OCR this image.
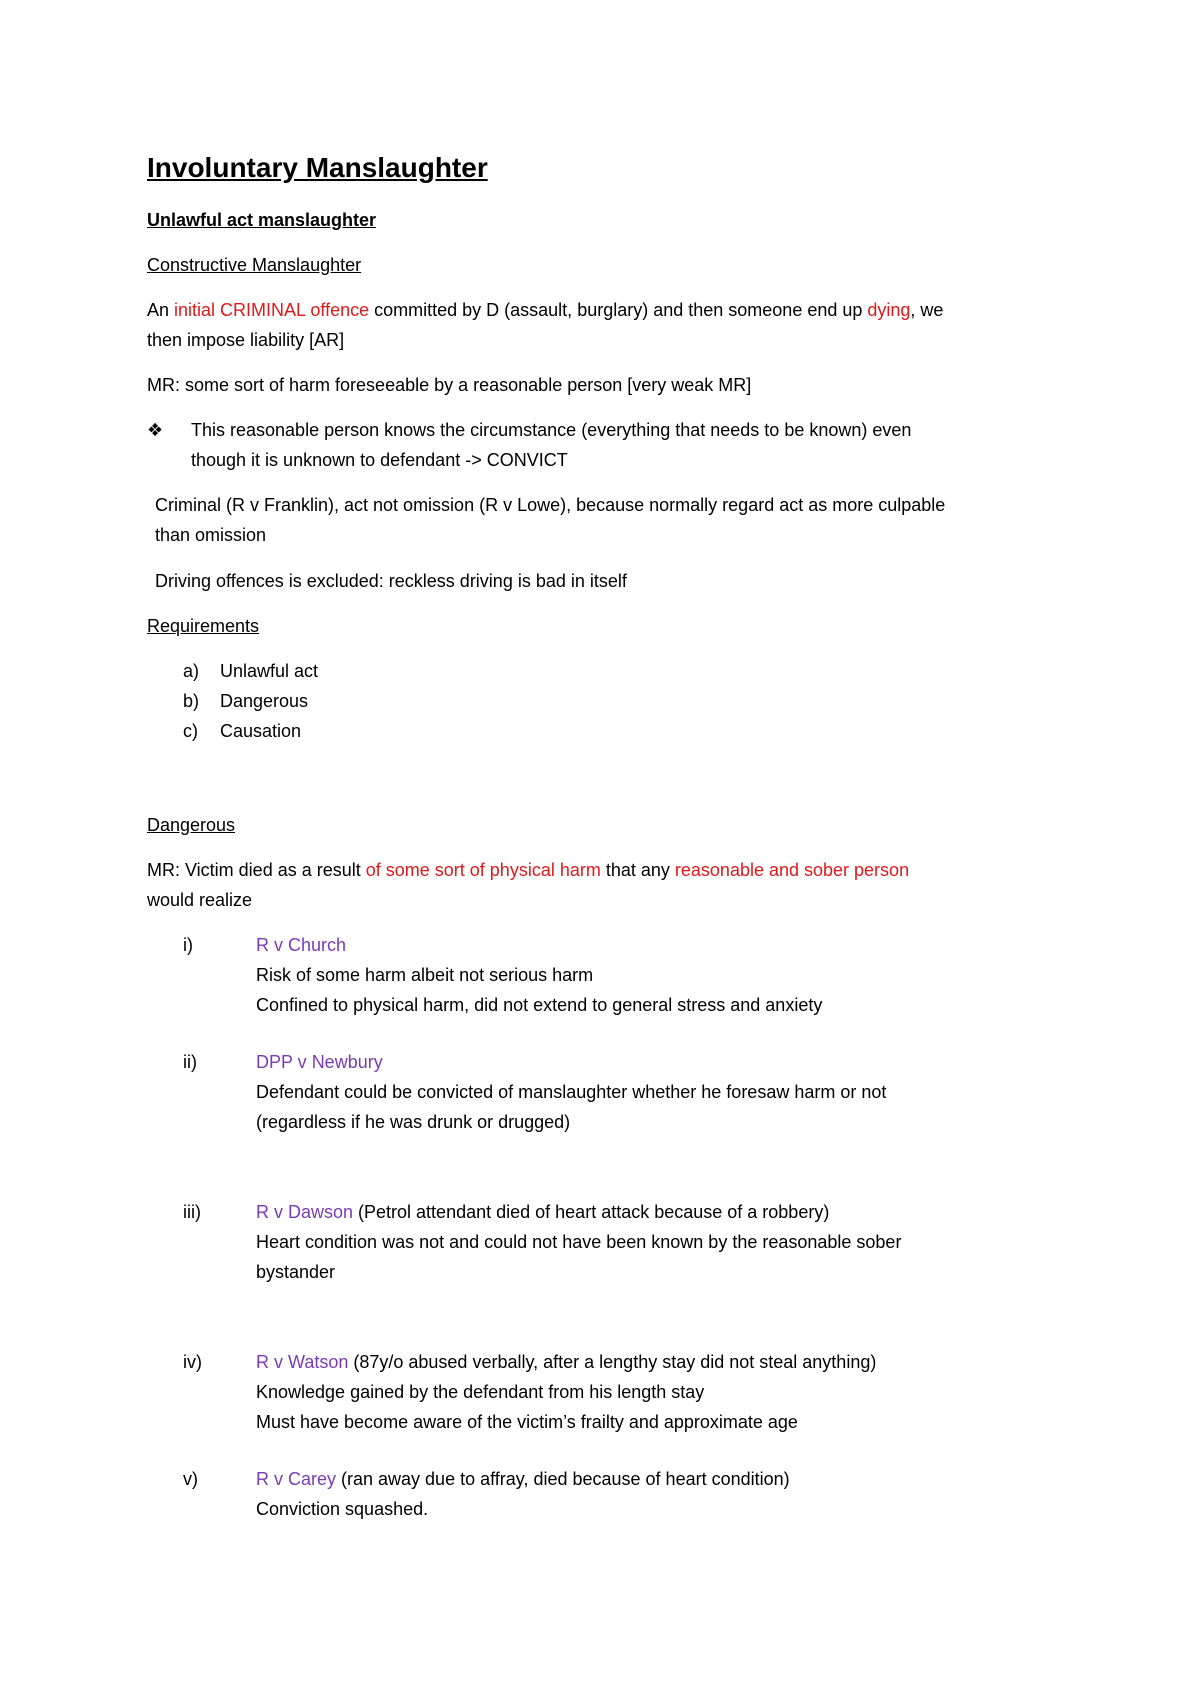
Involuntary Manslaughter
Unlawful act manslaughter
Constructive Manslaughter
An initial CRIMINAL offence committed by D (assault, burglary) and then someone end up dying, we
then impose liability [AR]
MR: some sort of harm foreseeable by a reasonable person [very weak MR]
❖ This reasonable person knows the circumstance (everything that needs to be known) even
though it is unknown to defendant -> CONVICT
Criminal (R v Franklin), act not omission (R v Lowe), because normally regard act as more culpable
than omission
Driving offences is excluded: reckless driving is bad in itself
Requirements
a) Unlawful act
b) Dangerous
c) Causation
Dangerous
MR: Victim died as a result of some sort of physical harm that any reasonable and sober person
would realize
i)	R v Church
Risk of some harm albeit not serious harm
Confined to physical harm, did not extend to general stress and anxiety
ii)	DPP v Newbury
Defendant could be convicted of manslaughter whether he foresaw harm or not
(regardless if he was drunk or drugged)
iii)	R v Dawson (Petrol attendant died of heart attack because of a robbery)
Heart condition was not and could not have been known by the reasonable sober
bystander
iv)	R v Watson (87y/o abused verbally, after a lengthy stay did not steal anything)
Knowledge gained by the defendant from his length stay
Must have become aware of the victim’s frailty and approximate age
v)	R v Carey (ran away due to affray, died because of heart condition)
Conviction squashed.
